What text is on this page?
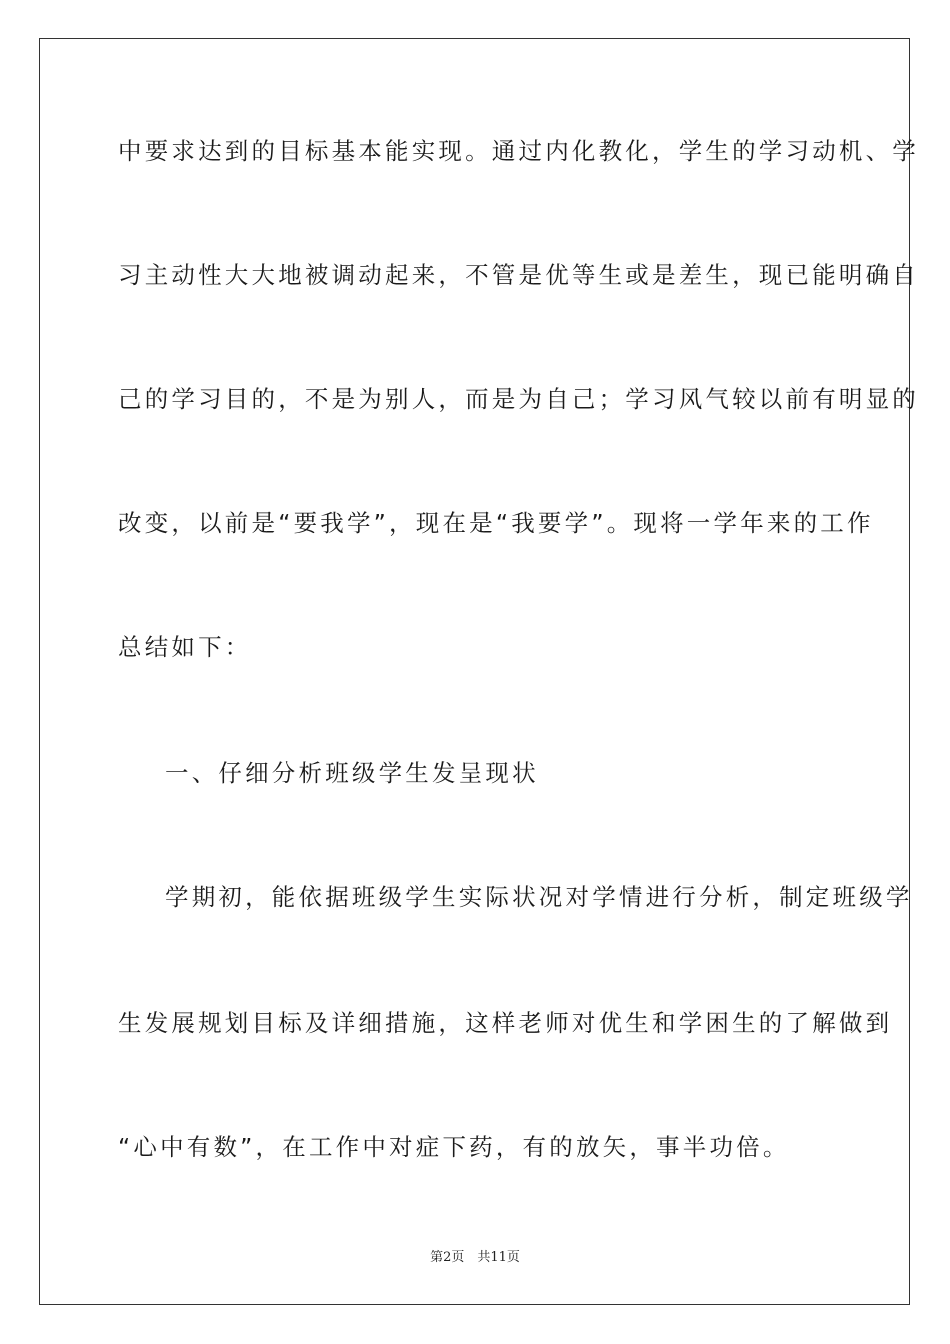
中要求达到的目标基本能实现。通过内化教化，学生的学习动机、学
习主动性大大地被调动起来，不管是优等生或是差生，现已能明确自
己的学习目的，不是为别人，而是为自己；学习风气较以前有明显的
改变，以前是“要我学”，现在是“我要学”。现将一学年来的工作
总结如下：
一、仔细分析班级学生发呈现状
学期初，能依据班级学生实际状况对学情进行分析，制定班级学
生发展规划目标及详细措施，这样老师对优生和学困生的了解做到
“心中有数”，在工作中对症下药，有的放矢，事半功倍。
第2页　共11页
